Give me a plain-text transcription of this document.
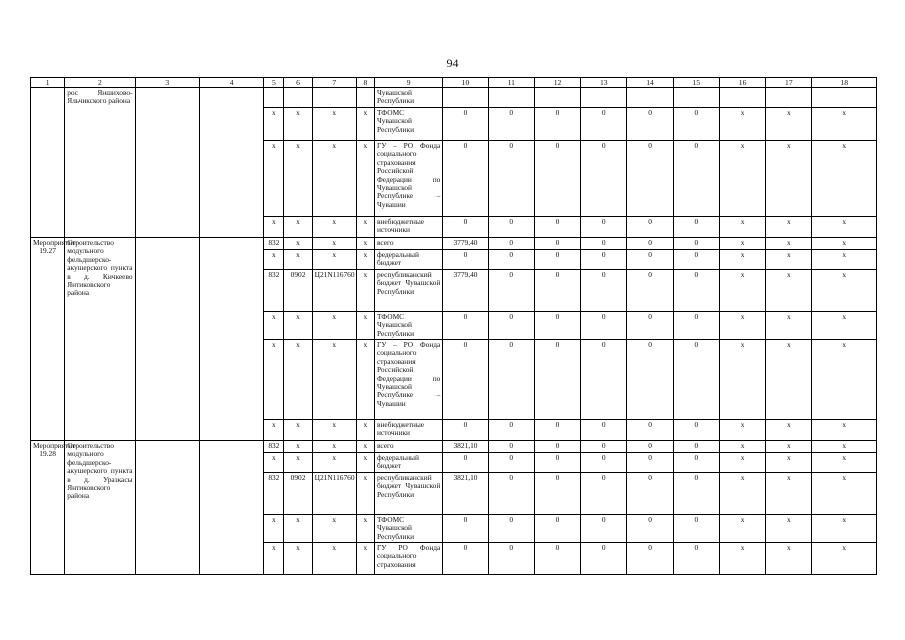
94
1	2	3	4	5	6	7	8	9	10	11	12	13	14	15	16	17	18
	рос Яншихово-Яльчикского района							Чувашской Республики									
				x	x	x	x	ТФОМС Чувашской Республики	0	0	0	0	0	0	x	x	x
				x	x	x	x	ГУ – РО Фонда социального страхования Российской Федерации по Чувашской Республике – Чувашии	0	0	0	0	0	0	x	x	x
				x	x	x	x	внебюджетные источники	0	0	0	0	0	0	x	x	x
Мероприятие 19.27	Строительство модульного фельдшерско-акушерского пункта в д. Кичкеево Янтиковского района			832	x	x	x	всего	3779,40	0	0	0	0	0	x	x	x
				x	x	x	x	федеральный бюджет	0	0	0	0	0	0	x	x	x
				832	0902	Ц21N116760	x	республиканский бюджет Чувашской Республики	3779,40	0	0	0	0	0	x	x	x
				x	x	x	x	ТФОМС Чувашской Республики	0	0	0	0	0	0	x	x	x
				x	x	x	x	ГУ – РО Фонда социального страхования Российской Федерации по Чувашской Республике – Чувашии	0	0	0	0	0	0	x	x	x
				x	x	x	x	внебюджетные источники	0	0	0	0	0	0	x	x	x
Мероприятие 19.28	Строительство модульного фельдшерско-акушерского пункта в д. Уразкасы Янтиковского района			832	x	x	x	всего	3821,10	0	0	0	0	0	x	x	x
				x	x	x	x	федеральный бюджет	0	0	0	0	0	0	x	x	x
				832	0902	Ц21N116760	x	республиканский бюджет Чувашской Республики	3821,10	0	0	0	0	0	x	x	x
				x	x	x	x	ТФОМС Чувашской Республики	0	0	0	0	0	0	x	x	x
				x	x	x	x	ГУ РО Фонда социального страхования	0	0	0	0	0	0	x	x	x
